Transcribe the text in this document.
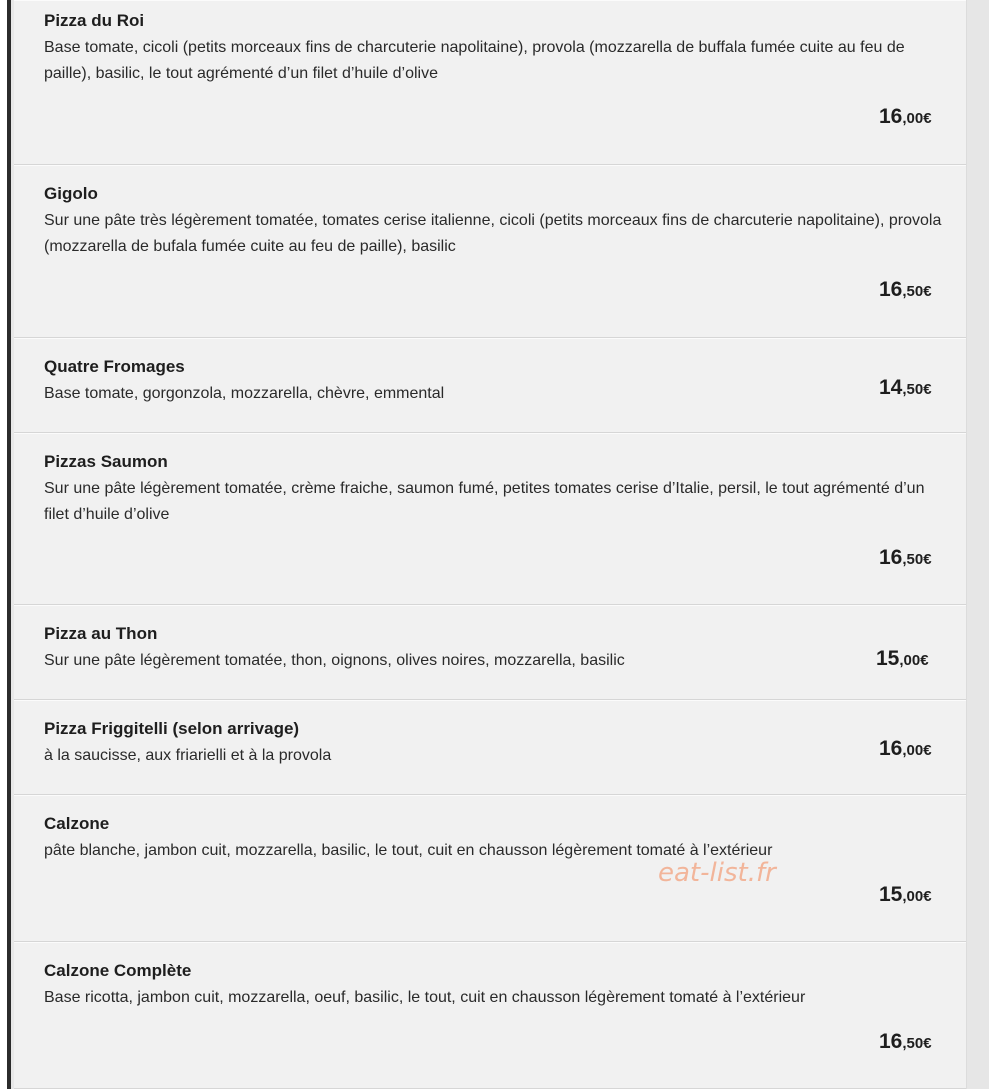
Pizza du Roi
Base tomate, cicoli (petits morceaux fins de charcuterie napolitaine), provola (mozzarella de buffala fumée cuite au feu de paille), basilic, le tout agrémenté d’un filet d’huile d’olive
16,00€
Gigolo
Sur une pâte très légèrement tomatée, tomates cerise italienne, cicoli (petits morceaux fins de charcuterie napolitaine), provola (mozzarella de bufala fumée cuite au feu de paille), basilic
16,50€
Quatre Fromages
Base tomate, gorgonzola, mozzarella, chèvre, emmental	14,50€
Pizzas Saumon
Sur une pâte légèrement tomatée, crème fraiche, saumon fumé, petites tomates cerise d’Italie, persil, le tout agrémenté d’un filet d’huile d’olive
16,50€
Pizza au Thon
Sur une pâte légèrement tomatée, thon, oignons, olives noires, mozzarella, basilic	15,00€
Pizza Friggitelli (selon arrivage)
à la saucisse, aux friarielli et à la provola	16,00€
Calzone
pâte blanche, jambon cuit, mozzarella, basilic, le tout, cuit en chausson légèrement tomaté à l’extérieur
15,00€
Calzone Complète
Base ricotta, jambon cuit, mozzarella, oeuf, basilic, le tout, cuit en chausson légèrement tomaté à l’extérieur
16,50€
eat-list.fr
